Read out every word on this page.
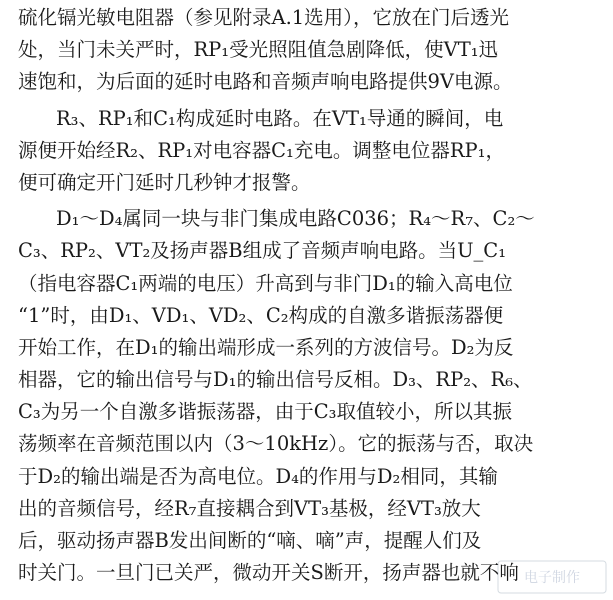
硫化镉光敏电阻器（参见附录A.1选用），它放在门后透光
处，当门未关严时，RP₁受光照阻值急剧降低，使VT₁迅
速饱和，为后面的延时电路和音频声响电路提供9V电源。

R₃、RP₁和C₁构成延时电路。在VT₁导通的瞬间，电
源便开始经R₂、RP₁对电容器C₁充电。调整电位器RP₁，
便可确定开门延时几秒钟才报警。

D₁～D₄属同一块与非门集成电路C036；R₄～R₇、C₂～
C₃、RP₂、VT₂及扬声器B组成了音频声响电路。当U_C₁
（指电容器C₁两端的电压）升高到与非门D₁的输入高电位
“1”时，由D₁、VD₁、VD₂、C₂构成的自激多谐振荡器便
开始工作，在D₁的输出端形成一系列的方波信号。D₂为反
相器，它的输出信号与D₁的输出信号反相。D₃、RP₂、R₆、
C₃为另一个自激多谐振荡器，由于C₃取值较小，所以其振
荡频率在音频范围以内（3～10kHz）。它的振荡与否，取决
于D₂的输出端是否为高电位。D₄的作用与D₂相同，其输
出的音频信号，经R₇直接耦合到VT₃基极，经VT₃放大
后，驱动扬声器B发出间断的“嘀、嘀”声，提醒人们及
时关门。一旦门已关严，微动开关S断开，扬声器也就不响 电子制作
